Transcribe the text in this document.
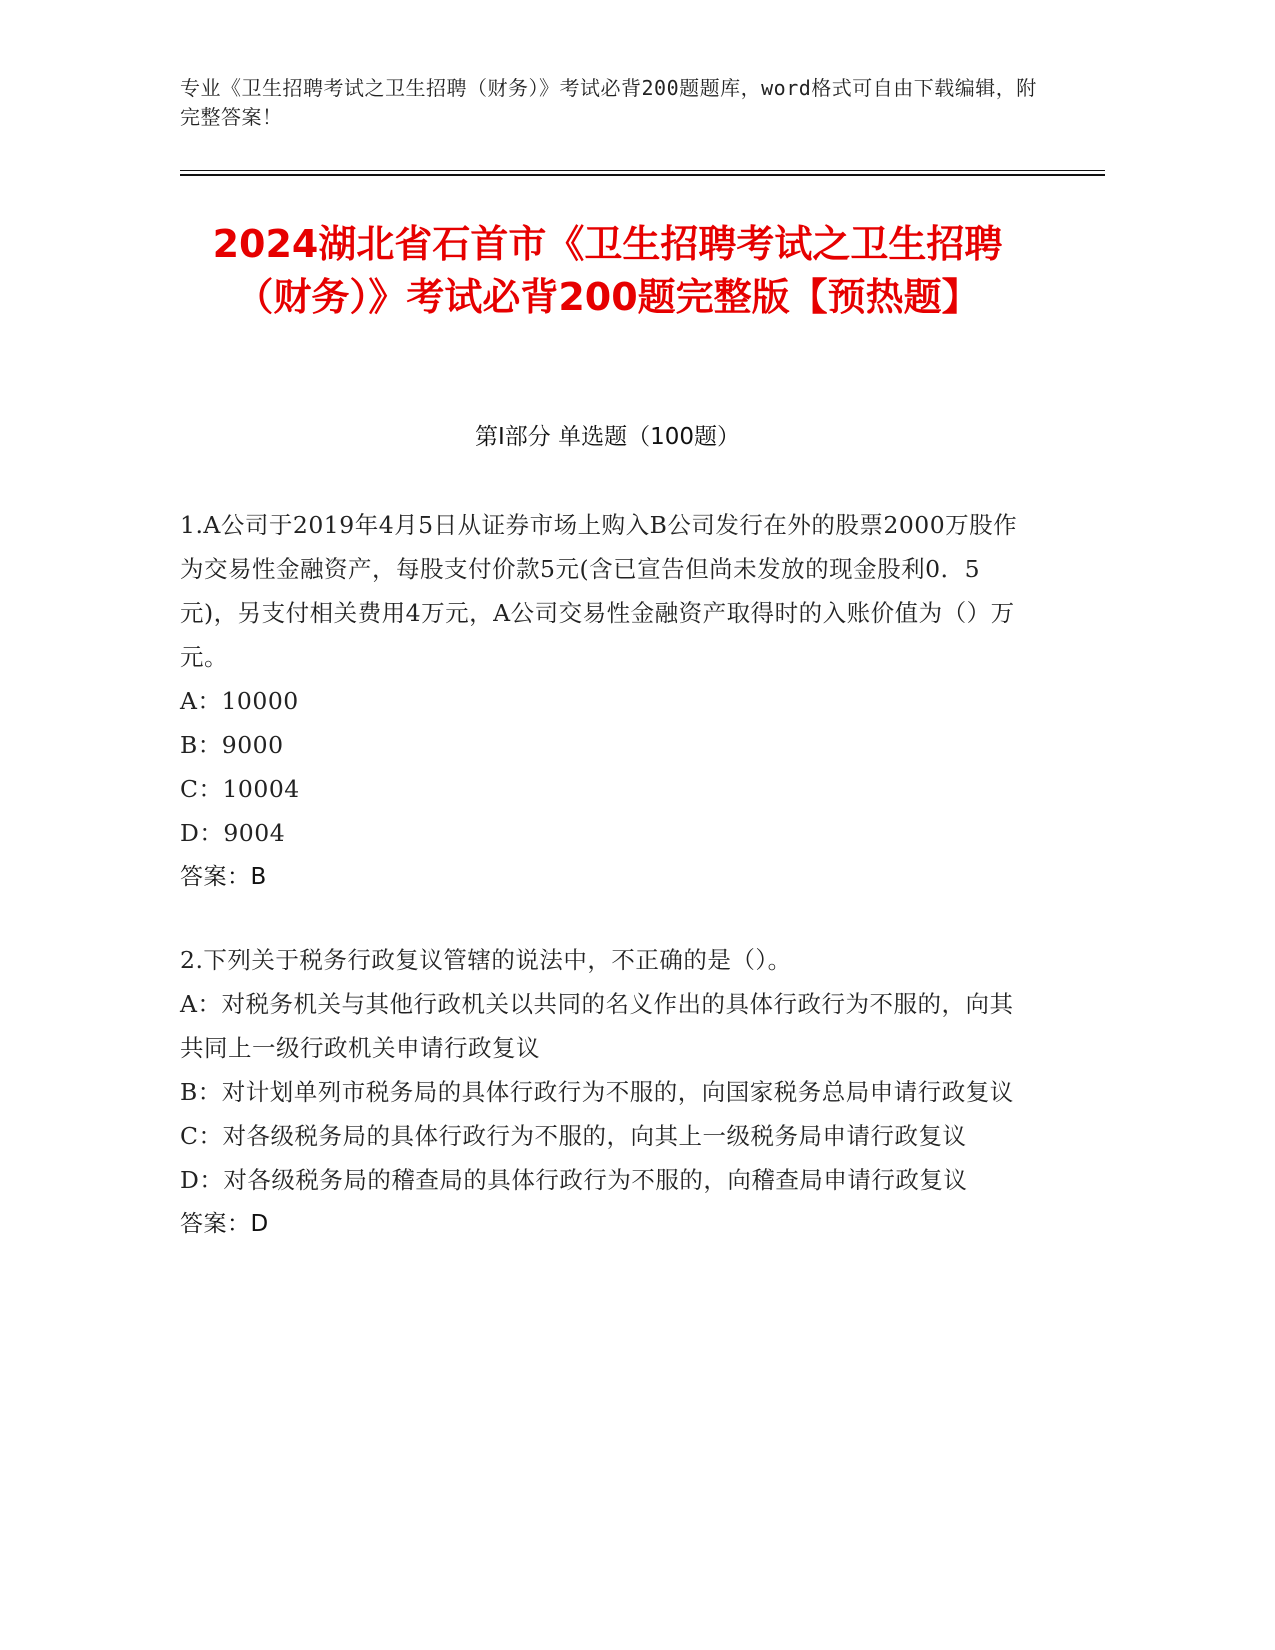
专业《卫生招聘考试之卫生招聘（财务）》考试必背200题题库，word格式可自由下载编辑，附完整答案！
2024湖北省石首市《卫生招聘考试之卫生招聘（财务）》考试必背200题完整版【预热题】
第Ⅰ部分 单选题（100题）
1.A公司于2019年4月5日从证券市场上购入B公司发行在外的股票2000万股作为交易性金融资产，每股支付价款5元(含已宣告但尚未发放的现金股利0．5元)，另支付相关费用4万元，A公司交易性金融资产取得时的入账价值为（）万元。
A：10000
B：9000
C：10004
D：9004
答案：B
2.下列关于税务行政复议管辖的说法中，不正确的是（）。
A：对税务机关与其他行政机关以共同的名义作出的具体行政行为不服的，向其共同上一级行政机关申请行政复议
B：对计划单列市税务局的具体行政行为不服的，向国家税务总局申请行政复议
C：对各级税务局的具体行政行为不服的，向其上一级税务局申请行政复议
D：对各级税务局的稽查局的具体行政行为不服的，向稽查局申请行政复议
答案：D
